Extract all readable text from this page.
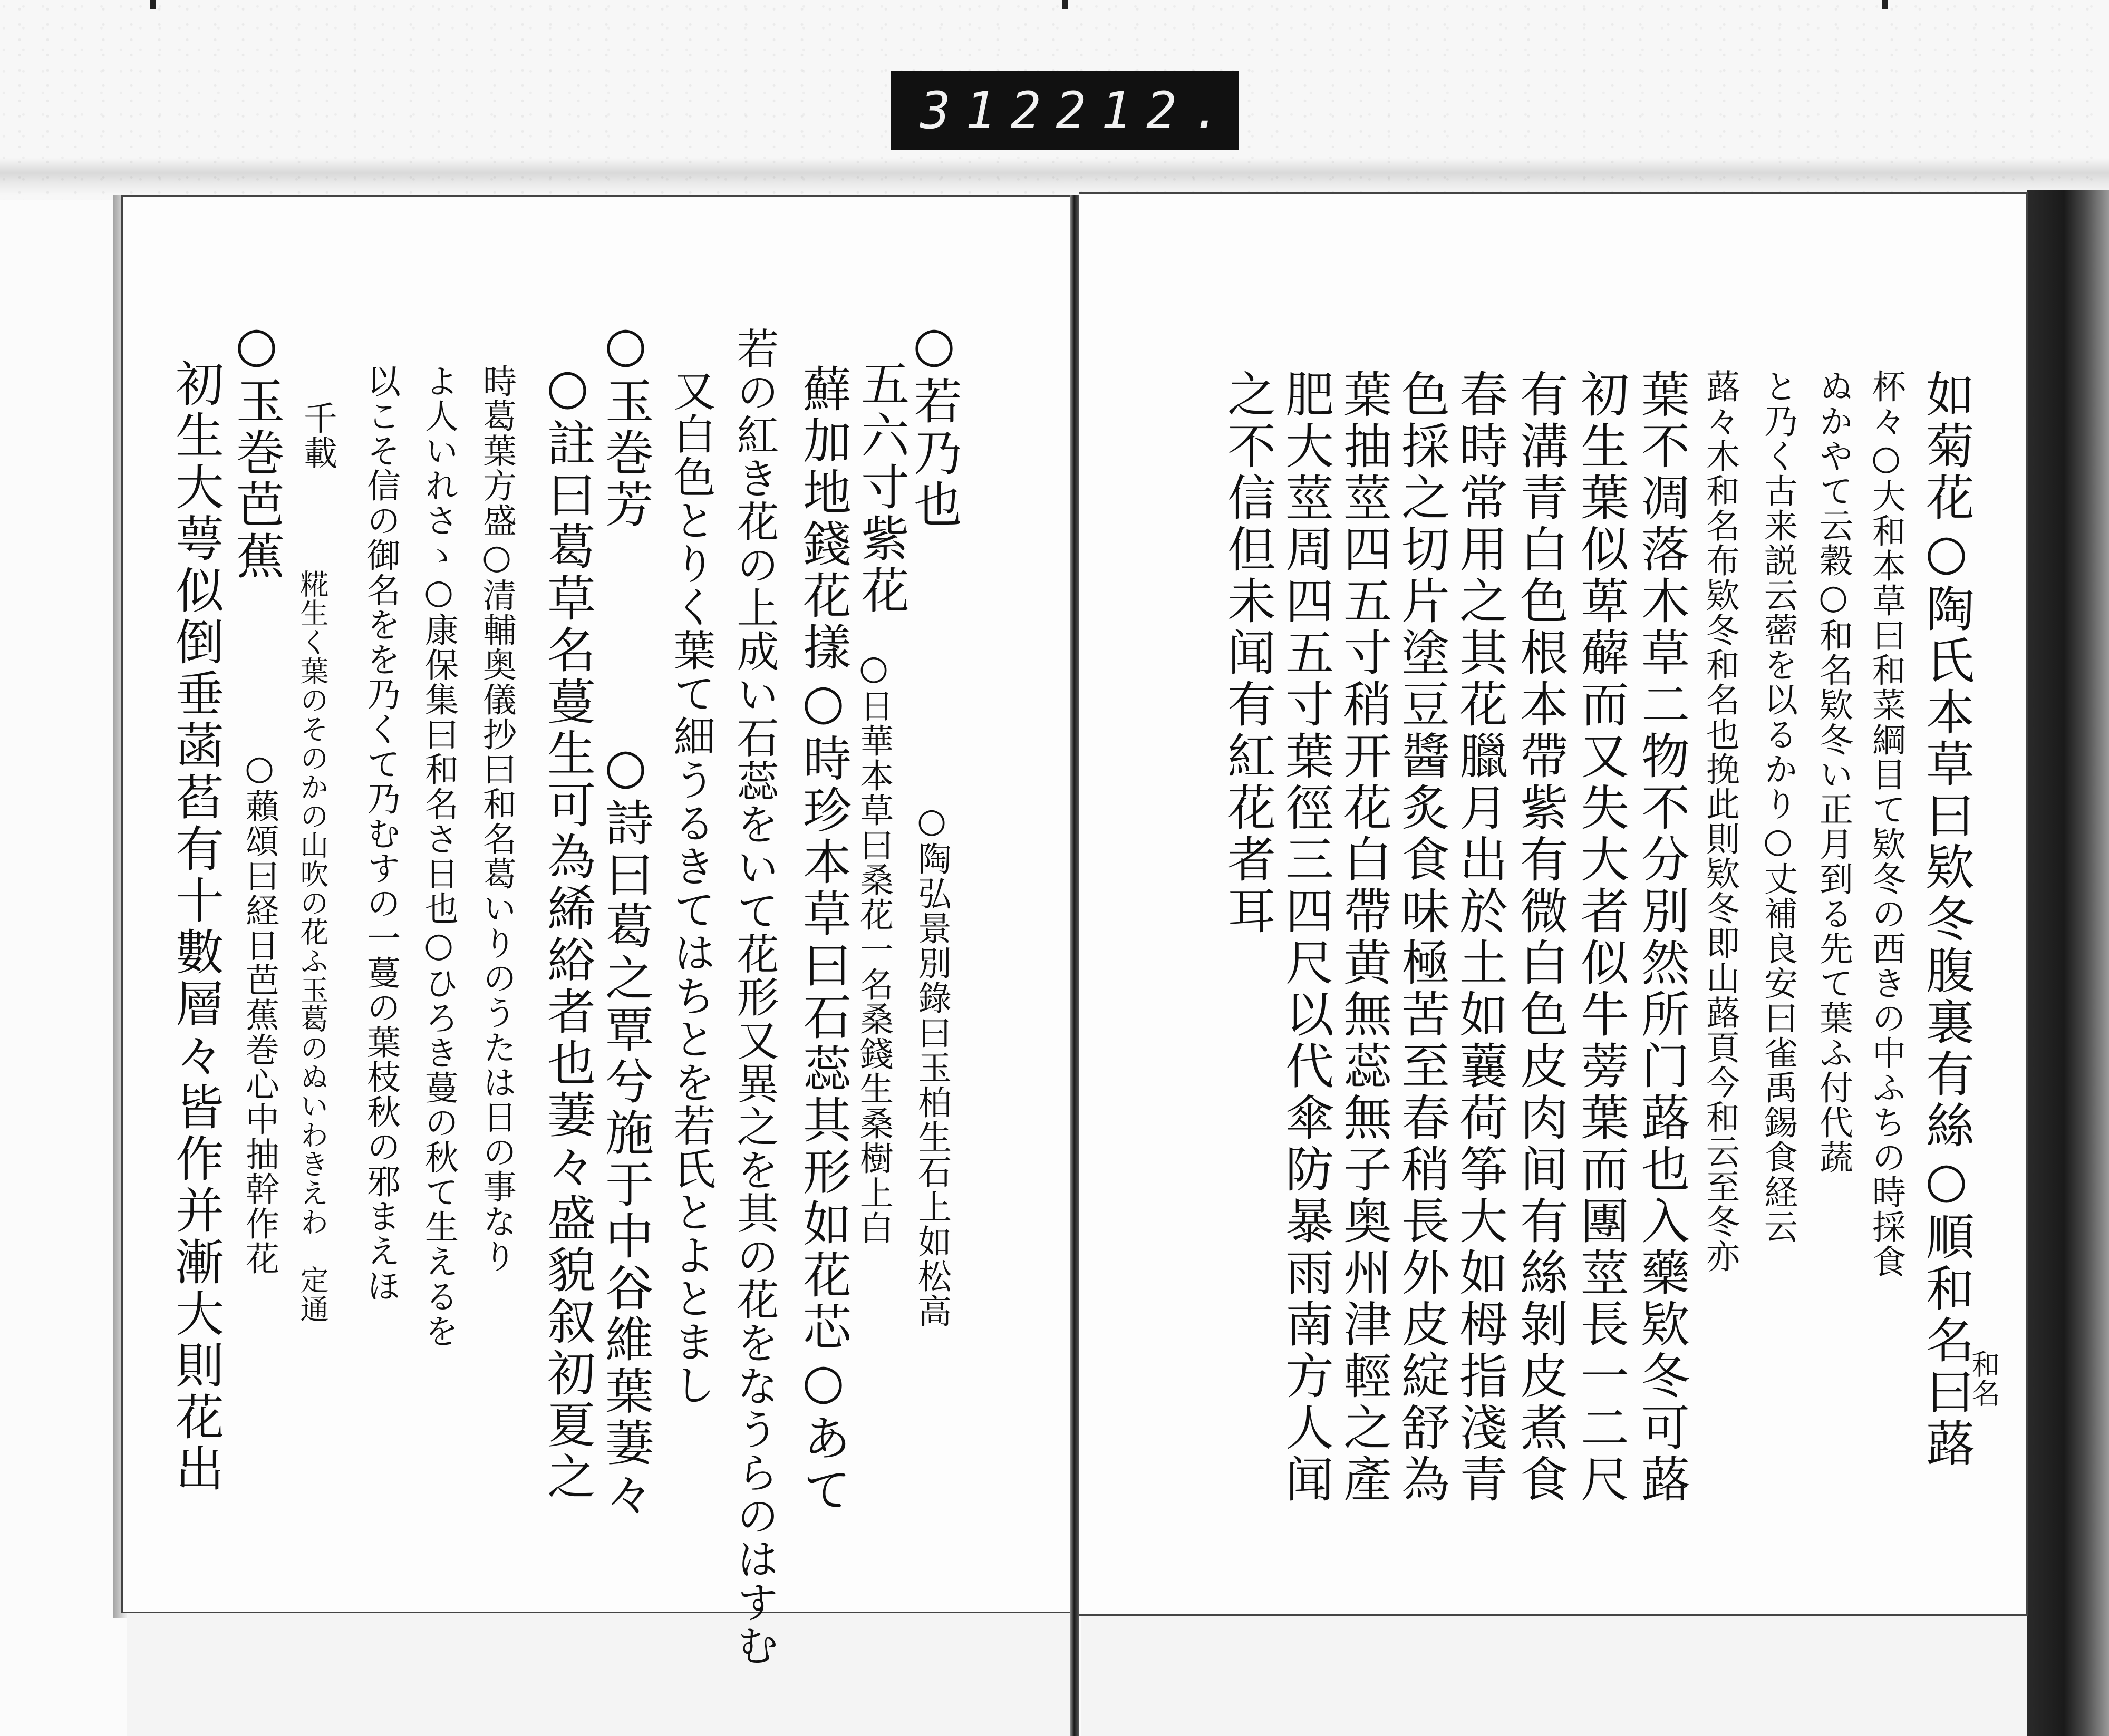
312 212.
○若乃也
○陶弘景別錄曰玉柏生石上如松高
五六寸紫花
○日華本草曰桑花一名桑錢生桑樹上白
蘚加地錢花㨾○時珍本草曰石蕊其形如花芯○あて
若の紅き花の上成い石蕊をいて花形又異之を其の花をなうらのはすむ
又白色とりく葉て細うるきてはちとを若氏とよとまし
○玉巻芳
○詩曰葛之覃兮施于中谷維葉萋々
○註曰葛草名蔓生可為絺綌者也萋々盛貌叙初夏之
時葛葉方盛○清輔奥儀抄曰和名葛いりのうたは日の事なり
よ人いれさゝ○康保集曰和名さ日也○ひろき蔓の秋て生えるを
以こそ信の御名をを乃くて乃むすの一蔓の葉枝秋の邪まえほ
千載
糀生く葉のそのかの山吹の花ふ玉葛のぬいわきえわ　定通
○玉巻芭蕉
○藾頌曰経日芭蕉巻心中抽幹作花
初生大萼似倒垂菡萏有十數層々皆作并漸大則花出	和名
如菊花○陶氏本草曰欵冬腹裏有絲○順和名曰蕗
杯々○大和本草曰和菜綱目て欵冬の西きの中ふちの時採食
ぬかやて云穀○和名欵冬い正月到る先て葉ふ付代蔬
と乃く古来説云蔤を以るかり○丈補良安曰雀禹錫食経云
蕗々木和名布欵冬和名也挽此則欵冬即山蕗頁今和云至冬亦
葉不凋落木草二物不分別然所门蕗也入藥欵冬可蕗
初生葉似萆薢而又失大者似牛蒡葉而團莖長一二尺
有溝青白色根本帶紫有微白色皮肉间有絲剝皮煮食
春時常用之其花臘月出於土如蘘荷筝大如栂指淺青
色採之切片塗豆醬炙食味極苦至春稍長外皮綻舒為
葉抽莖四五寸稍开花白帶黄無蕊無子奥州津輕之產
肥大莖周四五寸葉徑三四尺以代傘防暴雨南方人闻
之不信但未闻有紅花者耳
